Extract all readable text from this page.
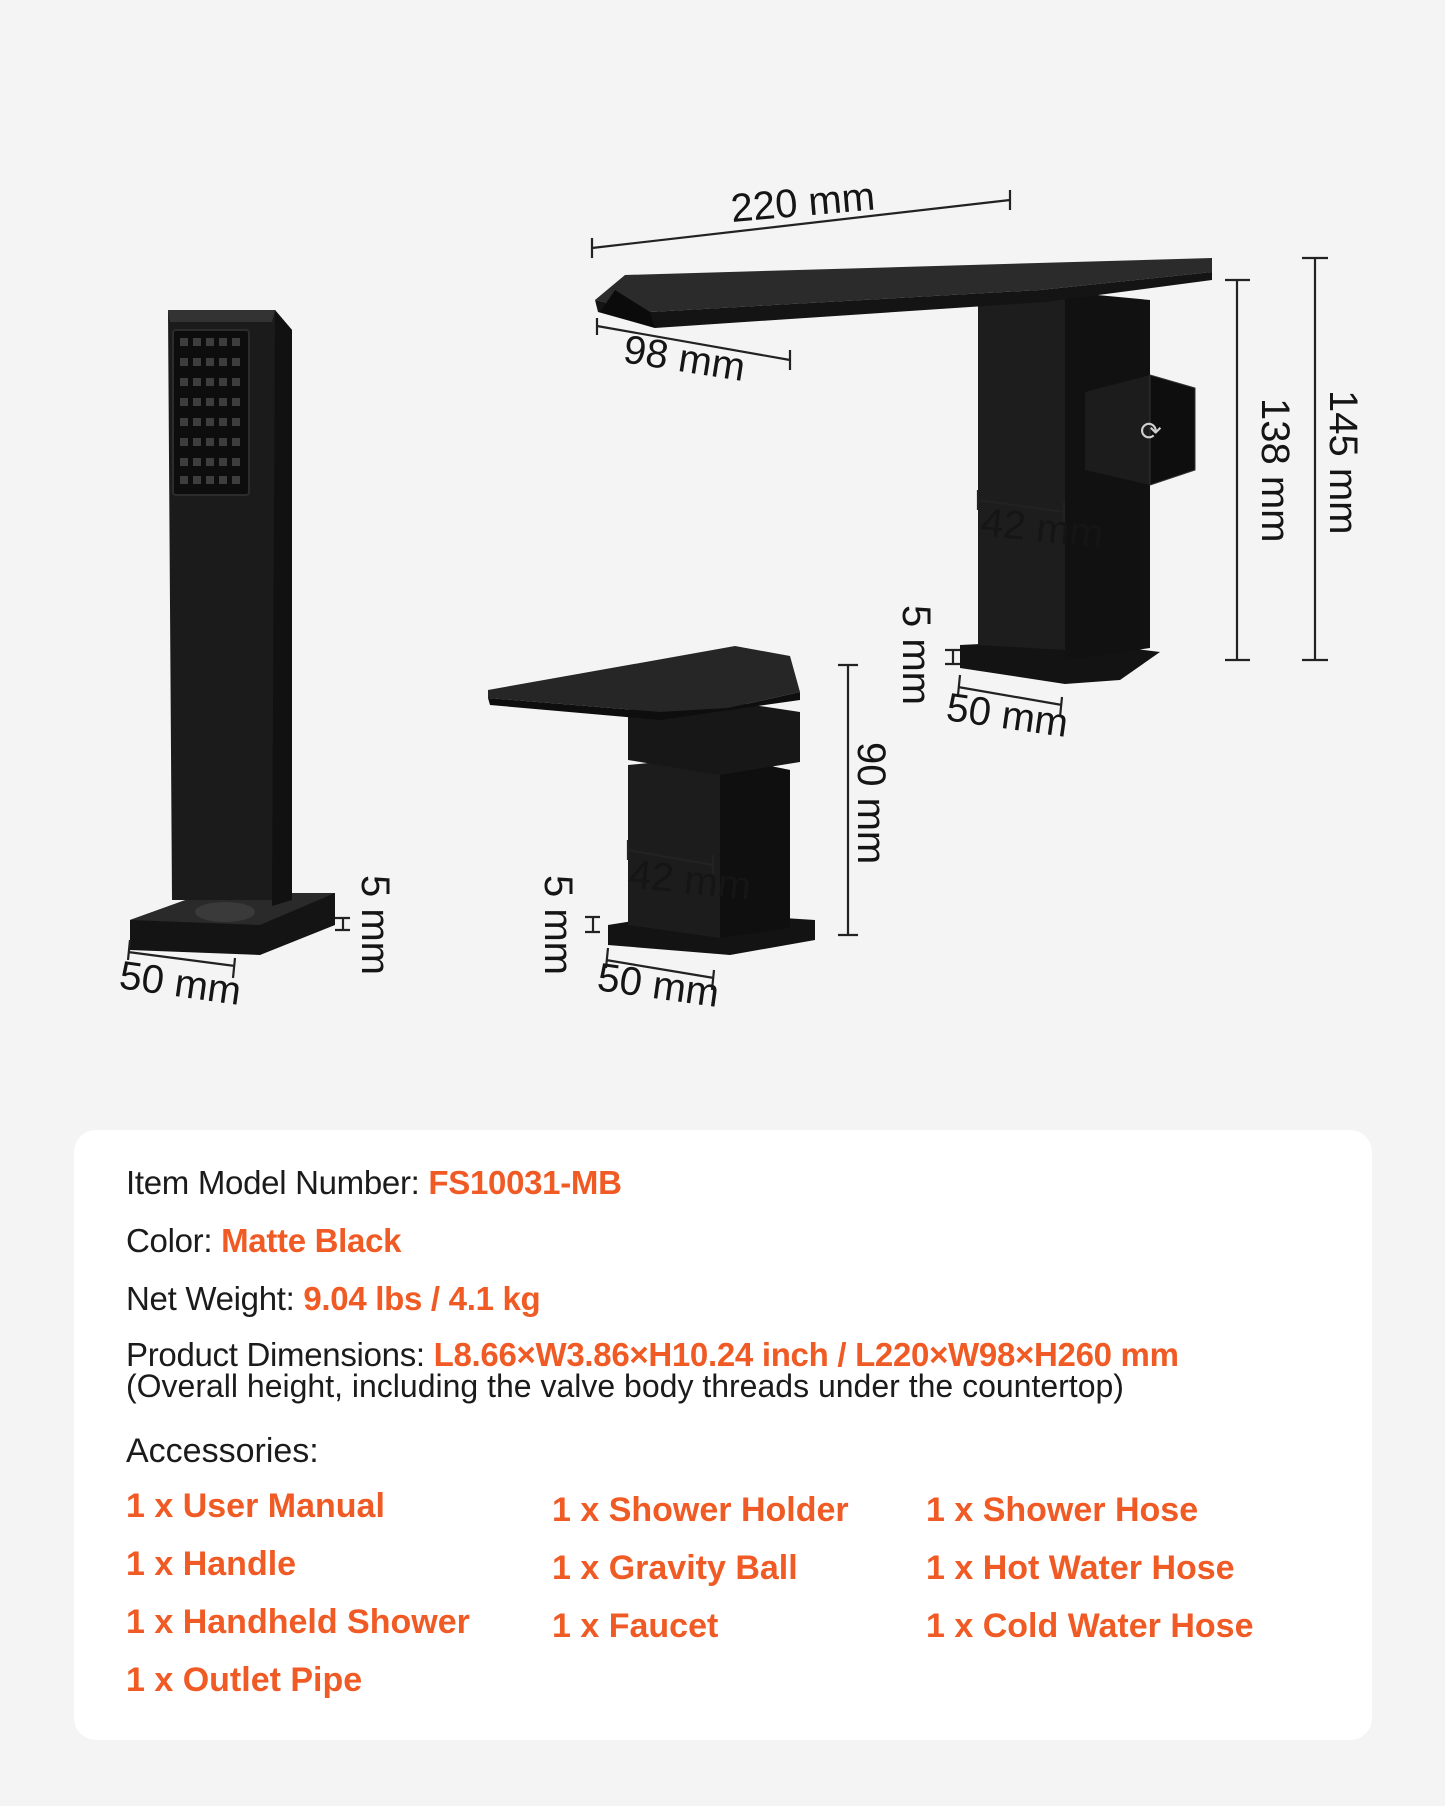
50 mm
5 mm
⟳
220 mm
98 mm
42 mm	138 mm 145 mm
5 mm
50 mm
42 mm
90 mm
5 mm
50 mm
Item Model Number: FS10031-MB
Color: Matte Black
Net Weight: 9.04 lbs / 4.1 kg
Product Dimensions: L8.66×W3.86×H10.24 inch / L220×W98×H260 mm
(Overall height, including the valve body threads under the countertop)
Accessories:
1 x User Manual
1 x Handle
1 x Handheld Shower
1 x Outlet Pipe
1 x Shower Holder
1 x Gravity Ball
1 x Faucet
1 x Shower Hose
1 x Hot Water Hose
1 x Cold Water Hose
